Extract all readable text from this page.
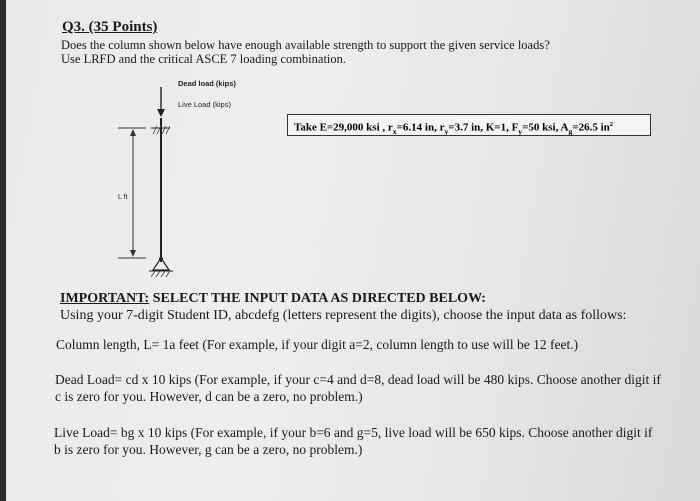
Q3. (35 Points)
Does the column shown below have enough available strength to support the given service loads?
Use LRFD and the critical ASCE 7 loading combination.
Dead load (kips)
Live Load (kips)
L ft
Take E=29,000 ksi , $r_x=6.14$ in, $r_y=3.7$ in, K=1, $F_y=50$ ksi, $A_g=26.5$ $in^2$
IMPORTANT: SELECT THE INPUT DATA AS DIRECTED BELOW:
Using your 7-digit Student ID, abcdefg (letters represent the digits), choose the input data as follows:
Column length, L= 1a feet (For example, if your digit a=2, column length to use will be 12 feet.)
Dead Load= cd x 10 kips (For example, if your c=4 and d=8, dead load will be 480 kips. Choose another digit if
c is zero for you. However, d can be a zero, no problem.)
Live Load= bg x 10 kips (For example, if your b=6 and g=5, live load will be 650 kips. Choose another digit if
b is zero for you. However, g can be a zero, no problem.)
